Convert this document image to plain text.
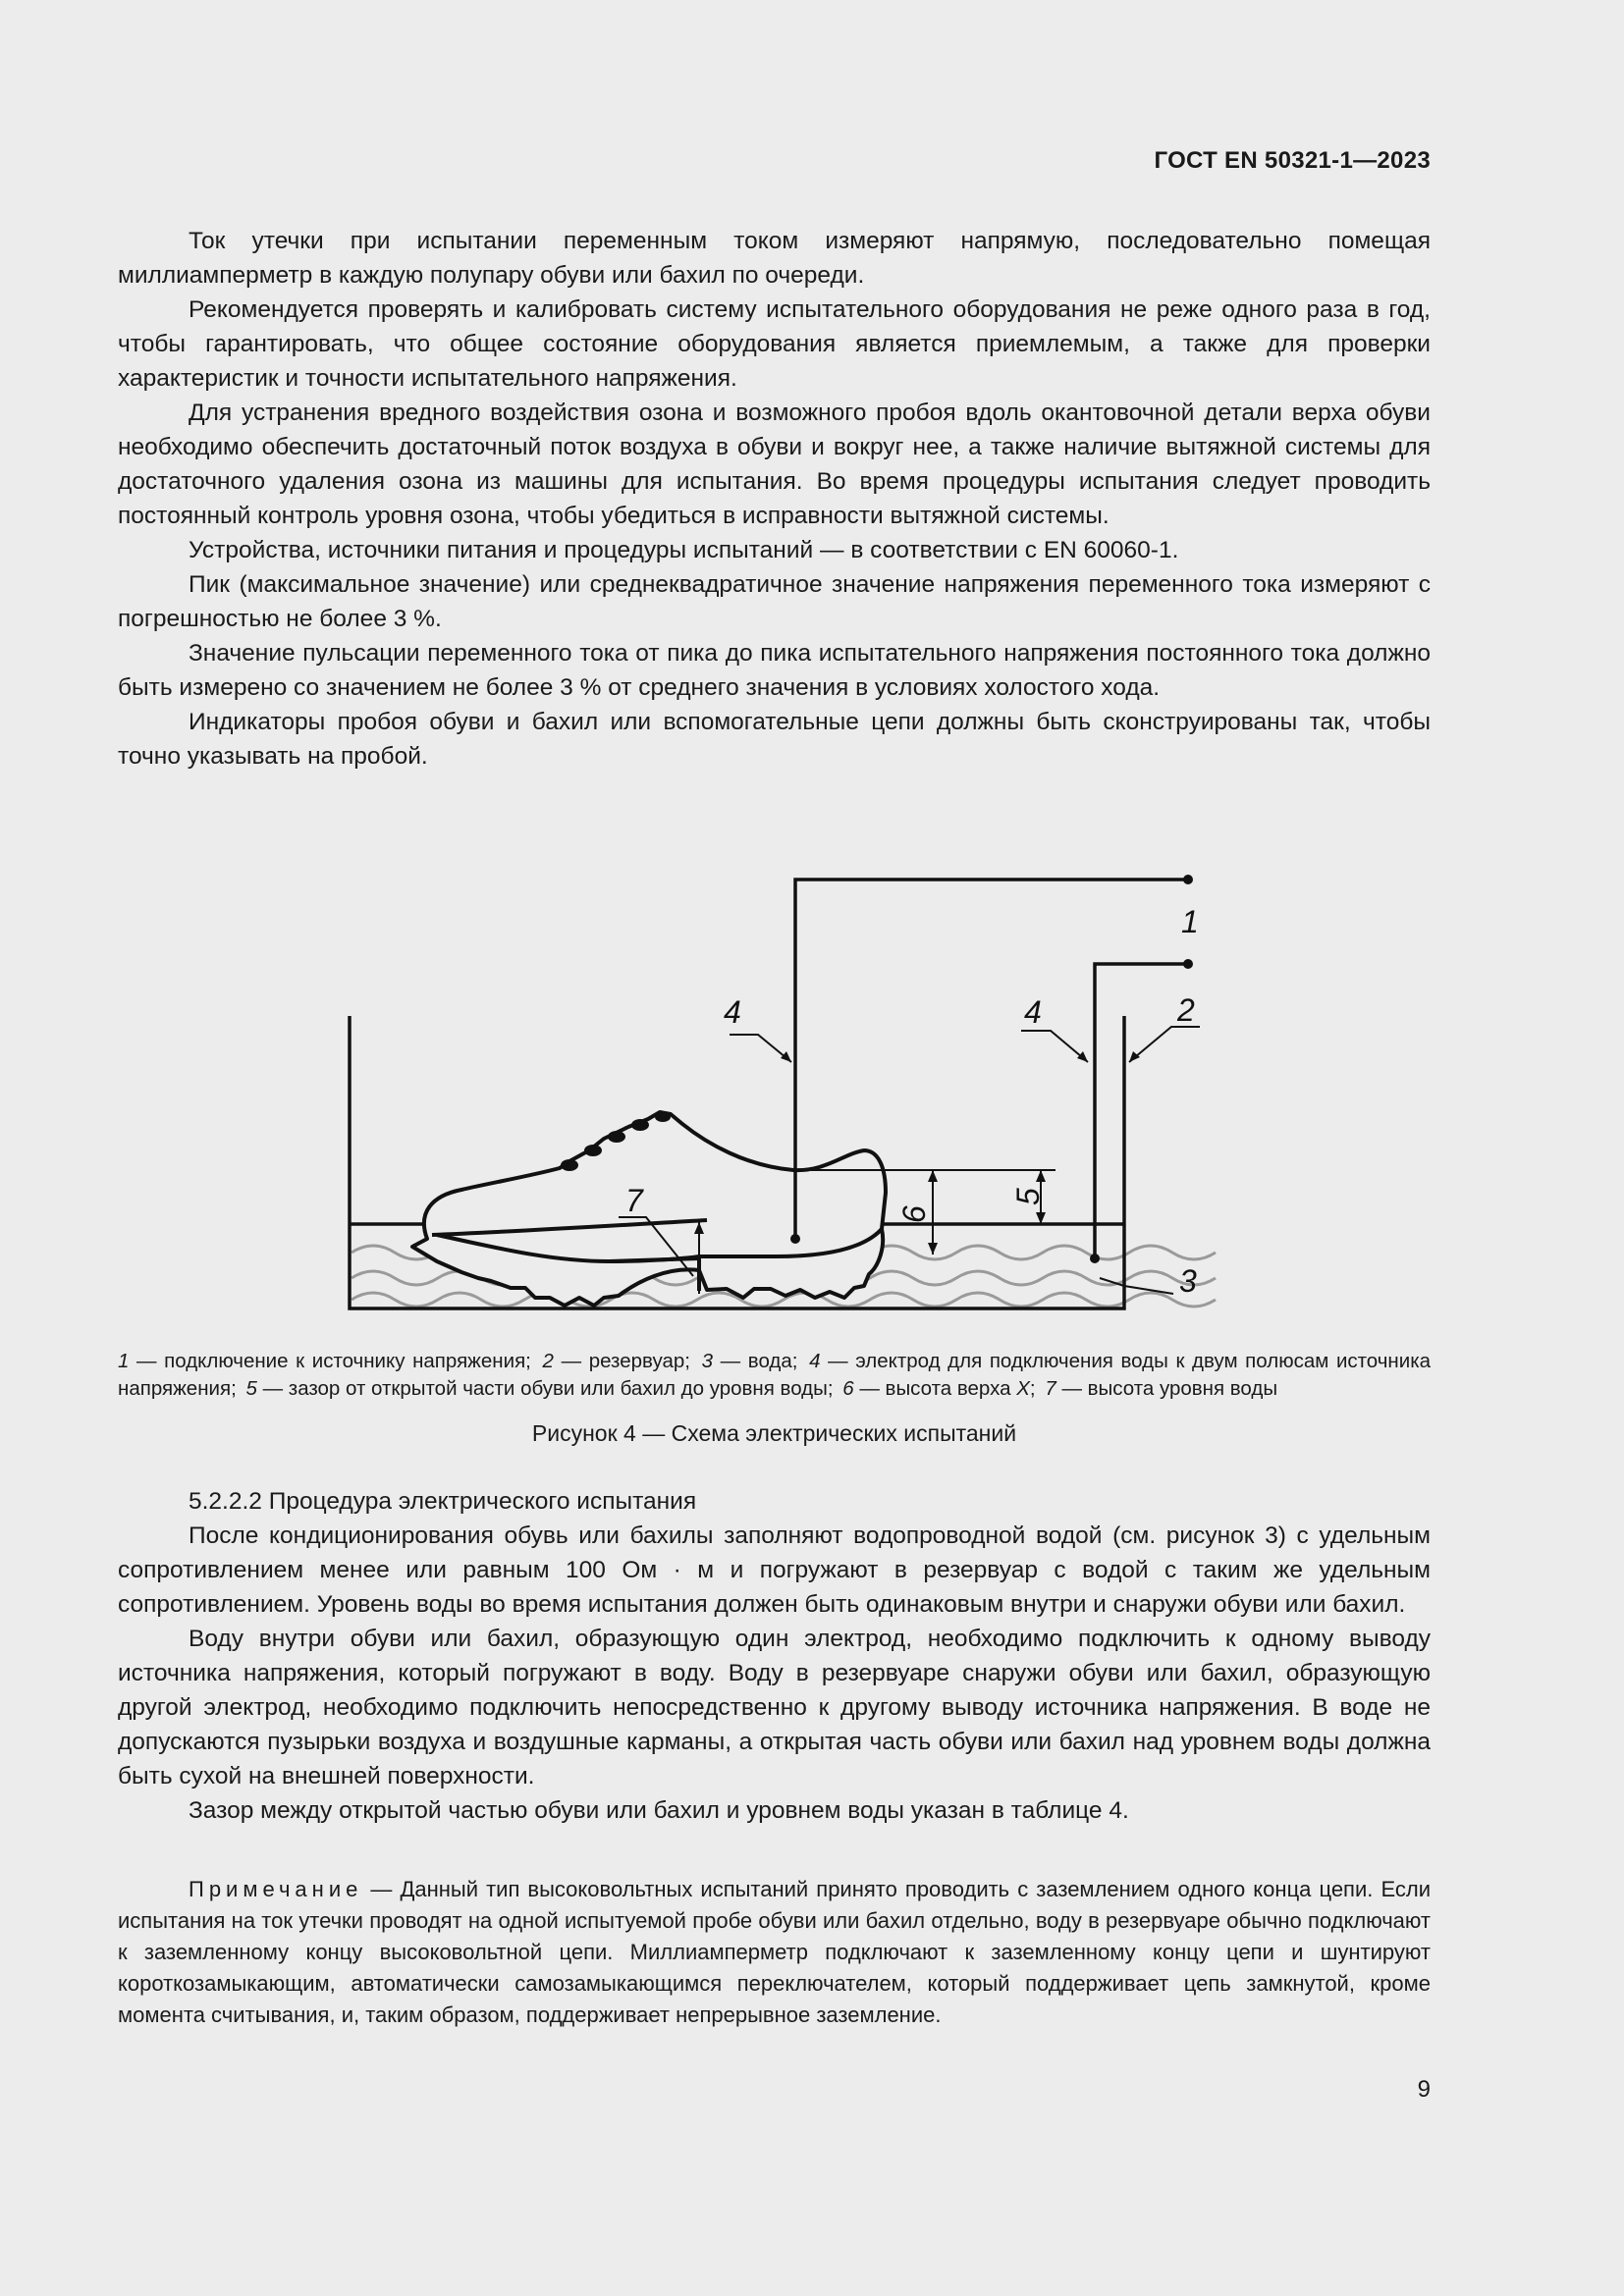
ГОСТ EN 50321-1—2023

Ток утечки при испытании переменным током измеряют напрямую, последовательно помещая миллиамперметр в каждую полупару обуви или бахил по очереди.

Рекомендуется проверять и калибровать систему испытательного оборудования не реже одного раза в год, чтобы гарантировать, что общее состояние оборудования является приемлемым, а также для проверки характеристик и точности испытательного напряжения.

Для устранения вредного воздействия озона и возможного пробоя вдоль окантовочной детали верха обуви необходимо обеспечить достаточный поток воздуха в обуви и вокруг нее, а также наличие вытяжной системы для достаточного удаления озона из машины для испытания. Во время процедуры испытания следует проводить постоянный контроль уровня озона, чтобы убедиться в исправности вытяжной системы.

Устройства, источники питания и процедуры испытаний — в соответствии с EN 60060-1.

Пик (максимальное значение) или среднеквадратичное значение напряжения переменного тока измеряют с погрешностью не более 3 %.

Значение пульсации переменного тока от пика до пика испытательного напряжения постоянного тока должно быть измерено со значением не более 3 % от среднего значения в условиях холостого хода.

Индикаторы пробоя обуви и бахил или вспомогательные цепи должны быть сконструированы так, чтобы точно указывать на пробой.

1
2
3
4	4
5
6
7
1 — подключение к источнику напряжения; 2 — резервуар; 3 — вода; 4 — электрод для подключения воды к двум полюсам источника напряжения; 5 — зазор от открытой части обуви или бахил до уровня воды; 6 — высота верха X; 7 — высота уровня воды
Рисунок 4 — Схема электрических испытаний

5.2.2.2 Процедура электрического испытания

После кондиционирования обувь или бахилы заполняют водопроводной водой (см. рисунок 3) с удельным сопротивлением менее или равным 100 Ом · м и погружают в резервуар с водой с таким же удельным сопротивлением. Уровень воды во время испытания должен быть одинаковым внутри и снаружи обуви или бахил.

Воду внутри обуви или бахил, образующую один электрод, необходимо подключить к одному выводу источника напряжения, который погружают в воду. Воду в резервуаре снаружи обуви или бахил, образующую другой электрод, необходимо подключить непосредственно к другому выводу источника напряжения. В воде не допускаются пузырьки воздуха и воздушные карманы, а открытая часть обуви или бахил над уровнем воды должна быть сухой на внешней поверхности.

Зазор между открытой частью обуви или бахил и уровнем воды указан в таблице 4.

Примечание — Данный тип высоковольтных испытаний принято проводить с заземлением одного конца цепи. Если испытания на ток утечки проводят на одной испытуемой пробе обуви или бахил отдельно, воду в резервуаре обычно подключают к заземленному концу высоковольтной цепи. Миллиамперметр подключают к заземленному концу цепи и шунтируют короткозамыкающим, автоматически самозамыкающимся переключателем, который поддерживает цепь замкнутой, кроме момента считывания, и, таким образом, поддерживает непрерывное заземление.

9
